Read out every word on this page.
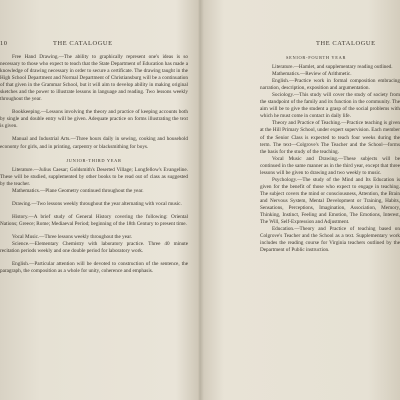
10	THE CATALOGUE

Free Hand Drawing.—The ability to graphically represent one's ideas is so necessary to those who expect to teach that the State Department of Education has made a knowledge of drawing necessary in order to secure a certificate. The drawing taught in the High School Department and Normal Department of Christiansburg will be a continuation of that given in the Grammar School, but it will aim to develop ability in making original sketches and the power to illustrate lessons in language and reading. Two lessons weekly throughout the year.

Bookkeeping.—Lessons involving the theory and practice of keeping accounts both by single and double entry will be given. Adequate practice on forms illustrating the text is given.

Manual and Industrial Arts.—Three hours daily in sewing, cooking and household economy for girls, and in printing, carpentry or blacksmithing for boys.

JUNIOR-THIRD YEAR

Literature.—Julius Caesar; Goldsmith's Deserted Village; Longfellow's Evangeline. These will be studied, supplemented by other books to be read out of class as suggested by the teacher.

Mathematics.—Plane Geometry continued throughout the year.

Drawing.—Two lessons weekly throughout the year alternating with vocal music.

History.—A brief study of General History covering the following: Oriental Nations; Greece; Rome; Mediaeval Period; beginning of the 18th Century to present time.

Vocal Music.—Three lessons weekly throughout the year.

Science.—Elementary Chemistry with laboratory practice. Three 40 minute recitation periods weekly and one double period for laboratory work.

English.—Particular attention will be devoted to construction of the sentence, the paragraph, the composition as a whole for unity, coherence and emphasis.

THE CATALOGUE

SENIOR-FOURTH YEAR

Literature.—Hamlet, and supplementary reading outlined.

Mathematics.—Review of Arithmetic.

English.—Practice work in formal composition embracing narration, description, exposition and argumentation.

Sociology.—This study will cover the study of society from the standpoint of the family and its function in the community. The aim will be to give the student a grasp of the social problems with which he must come in contact in daily life.

Theory and Practice of Teaching.—Practice teaching is given at the Hill Primary School, under expert supervision. Each member of the Senior Class is expected to teach four weeks during the term. The text—Colgrove's The Teacher and the School—forms the basis for the study of the teaching.

Vocal Music and Drawing.—These subjects will be continued in the same manner as in the third year, except that three lessons will be given to drawing and two weekly to music.

Psychology.—The study of the Mind and Its Education is given for the benefit of those who expect to engage in teaching. The subject covers the mind or consciousness, Attention, the Brain and Nervous System, Mental Development or Training, Habits, Sensations, Perceptions, Imagination, Association, Memory, Thinking, Instinct, Feeling and Emotion, The Emotions, Interest, The Will, Self-Expression and Adjustment.

Education.—Theory and Practice of teaching based on Colgrove's Teacher and the School as a text. Supplementary work includes the reading course for Virginia teachers outlined by the Department of Public instruction.
